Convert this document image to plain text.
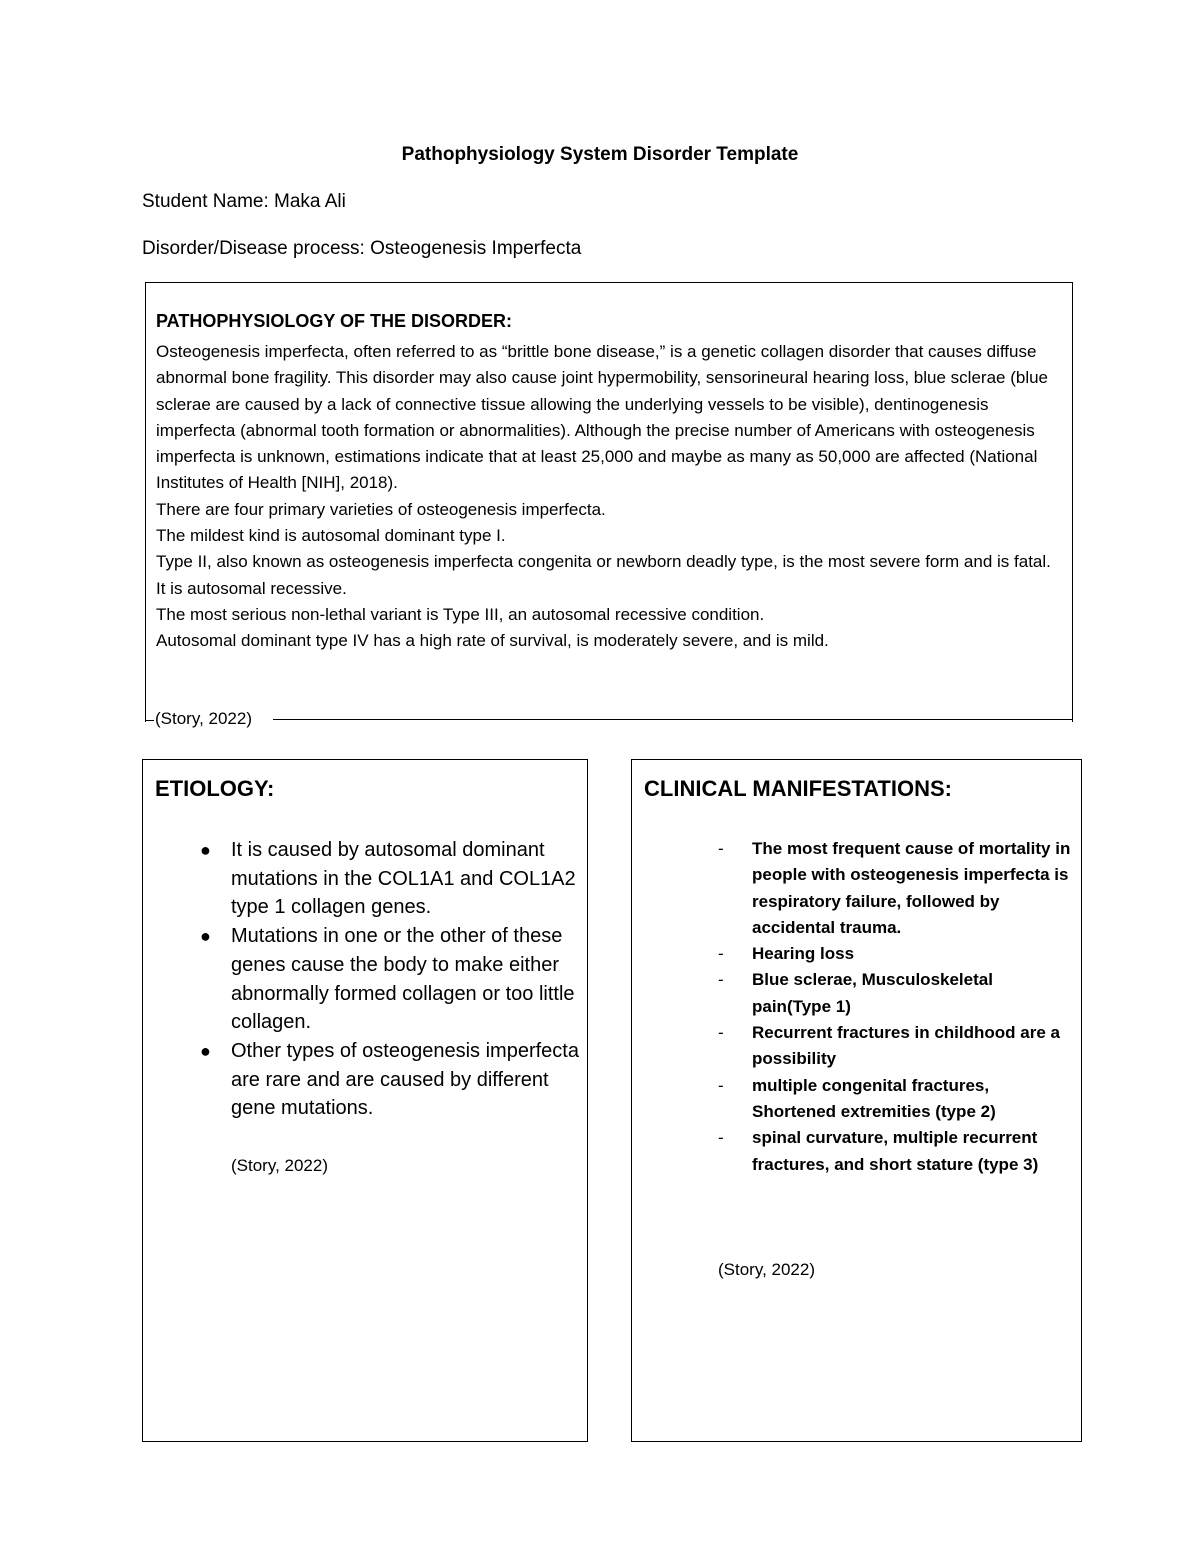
Pathophysiology System Disorder Template
Student Name: Maka Ali
Disorder/Disease process: Osteogenesis Imperfecta
PATHOPHYSIOLOGY OF THE DISORDER:

Osteogenesis imperfecta, often referred to as “brittle bone disease,” is a genetic collagen disorder that causes diffuse abnormal bone fragility. This disorder may also cause joint hypermobility, sensorineural hearing loss, blue sclerae (blue sclerae are caused by a lack of connective tissue allowing the underlying vessels to be visible), dentinogenesis imperfecta (abnormal tooth formation or abnormalities). Although the precise number of Americans with osteogenesis imperfecta is unknown, estimations indicate that at least 25,000 and maybe as many as 50,000 are affected (National Institutes of Health [NIH], 2018).

There are four primary varieties of osteogenesis imperfecta.

The mildest kind is autosomal dominant type I.

Type II, also known as osteogenesis imperfecta congenita or newborn deadly type, is the most severe form and is fatal. It is autosomal recessive.

The most serious non-lethal variant is Type III, an autosomal recessive condition.

Autosomal dominant type IV has a high rate of survival, is moderately severe, and is mild.

(Story, 2022)
ETIOLOGY:
● It is caused by autosomal dominant mutations in the COL1A1 and COL1A2 type 1 collagen genes.
● Mutations in one or the other of these genes cause the body to make either abnormally formed collagen or too little collagen.
● Other types of osteogenesis imperfecta are rare and are caused by different gene mutations.
(Story, 2022)
CLINICAL MANIFESTATIONS:
- The most frequent cause of mortality in people with osteogenesis imperfecta is respiratory failure, followed by accidental trauma.
- Hearing loss
- Blue sclerae, Musculoskeletal pain(Type 1)
- Recurrent fractures in childhood are a possibility
- multiple congenital fractures, Shortened extremities (type 2)
- spinal curvature, multiple recurrent fractures, and short stature (type 3)
(Story, 2022)
